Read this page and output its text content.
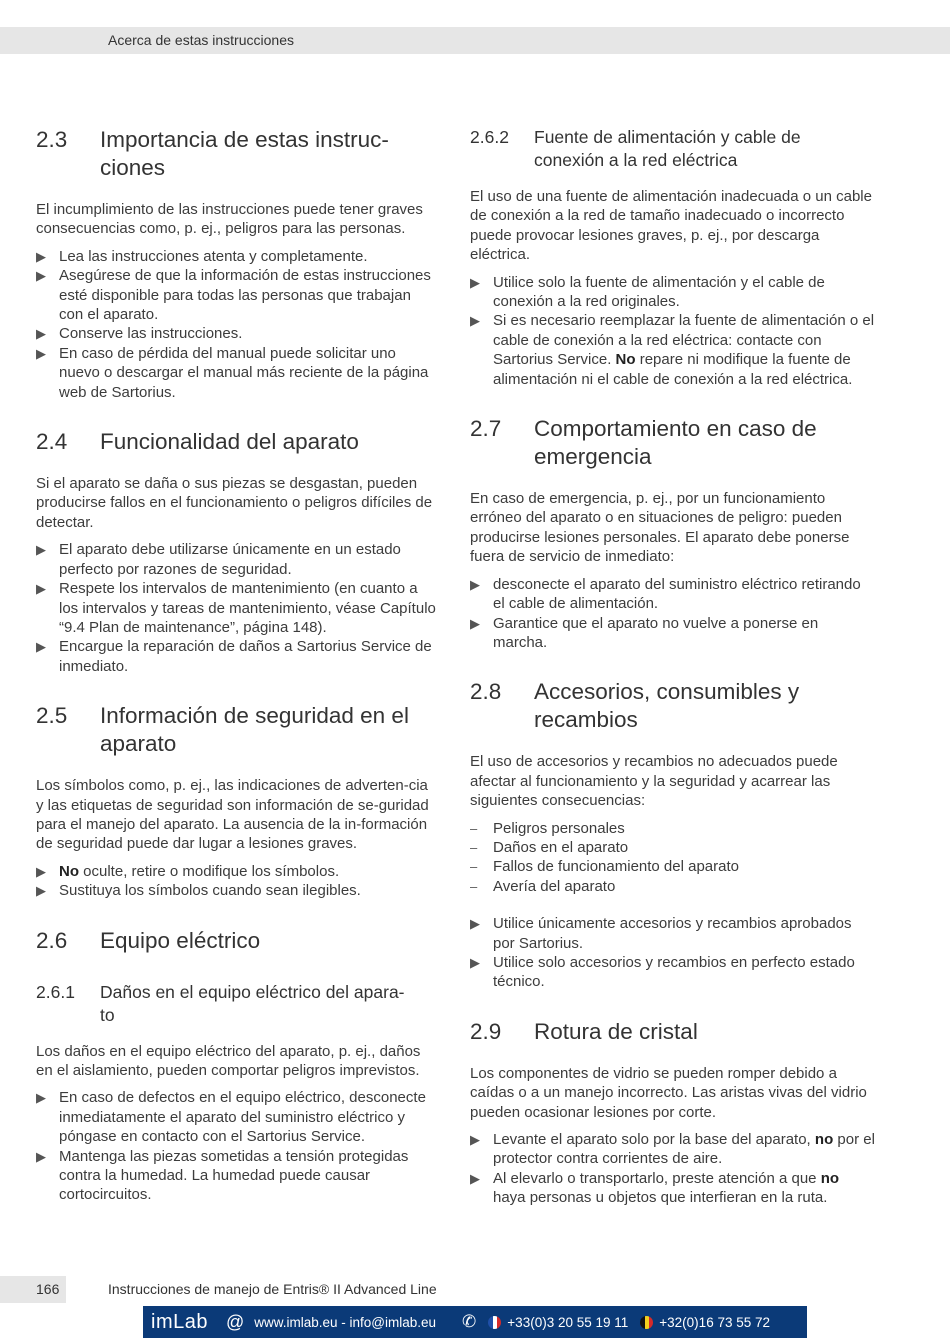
Acerca de estas instrucciones
2.3	Importancia de estas instruc-
ciones

El incumplimiento de las instrucciones puede tener graves consecuencias como, p. ej., peligros para las personas.

▶ Lea las instrucciones atenta y completamente.
▶ Asegúrese de que la información de estas instrucciones esté disponible para todas las personas que trabajan con el aparato.
▶ Conserve las instrucciones.
▶ En caso de pérdida del manual puede solicitar uno nuevo o descargar el manual más reciente de la página web de Sartorius.
2.4	Funcionalidad del aparato

Si el aparato se daña o sus piezas se desgastan, pueden producirse fallos en el funcionamiento o peligros difíciles de detectar.

▶ El aparato debe utilizarse únicamente en un estado perfecto por razones de seguridad.
▶ Respete los intervalos de mantenimiento (en cuanto a los intervalos y tareas de mantenimiento, véase Capítulo “9.4 Plan de maintenance”, página 148).
▶ Encargue la reparación de daños a Sartorius Service de inmediato.
2.5	Información de seguridad en el aparato

Los símbolos como, p. ej., las indicaciones de adverten-cia y las etiquetas de seguridad son información de se-guridad para el manejo del aparato. La ausencia de la in-formación de seguridad puede dar lugar a lesiones graves.

▶ No oculte, retire o modifique los símbolos.
▶ Sustituya los símbolos cuando sean ilegibles.
2.6	Equipo eléctrico
2.6.1	Daños en el equipo eléctrico del apara-
to

Los daños en el equipo eléctrico del aparato, p. ej., daños en el aislamiento, pueden comportar peligros imprevistos.

▶ En caso de defectos en el equipo eléctrico, desconecte inmediatamente el aparato del suministro eléctrico y póngase en contacto con el Sartorius Service.
▶ Mantenga las piezas sometidas a tensión protegidas contra la humedad. La humedad puede causar cortocircuitos.
2.6.2	Fuente de alimentación y cable de conexión a la red eléctrica

El uso de una fuente de alimentación inadecuada o un cable de conexión a la red de tamaño inadecuado o incorrecto puede provocar lesiones graves, p. ej., por descarga eléctrica.

▶ Utilice solo la fuente de alimentación y el cable de conexión a la red originales.
▶ Si es necesario reemplazar la fuente de alimentación o el cable de conexión a la red eléctrica: contacte con Sartorius Service. No repare ni modifique la fuente de alimentación ni el cable de conexión a la red eléctrica.
2.7	Comportamiento en caso de emergencia

En caso de emergencia, p. ej., por un funcionamiento erróneo del aparato o en situaciones de peligro: pueden producirse lesiones personales. El aparato debe ponerse fuera de servicio de inmediato:

▶ desconecte el aparato del suministro eléctrico retirando el cable de alimentación.
▶ Garantice que el aparato no vuelve a ponerse en marcha.
2.8	Accesorios, consumibles y recambios

El uso de accesorios y recambios no adecuados puede afectar al funcionamiento y la seguridad y acarrear las siguientes consecuencias:

–	Peligros personales
–	Daños en el aparato
–	Fallos de funcionamiento del aparato
–	Avería del aparato
▶ Utilice únicamente accesorios y recambios aprobados por Sartorius.
▶ Utilice solo accesorios y recambios en perfecto estado técnico.
2.9	Rotura de cristal

Los componentes de vidrio se pueden romper debido a caídas o a un manejo incorrecto. Las aristas vivas del vidrio pueden ocasionar lesiones por corte.

▶ Levante el aparato solo por la base del aparato, no por el protector contra corrientes de aire.
▶ Al elevarlo o transportarlo, preste atención a que no haya personas u objetos que interfieran en la ruta.
166	Instrucciones de manejo de Entris® II Advanced Line
imLab @ www.imlab.eu - info@imlab.eu ✆ +33(0)3 20 55 19 11 +32(0)16 73 55 72
